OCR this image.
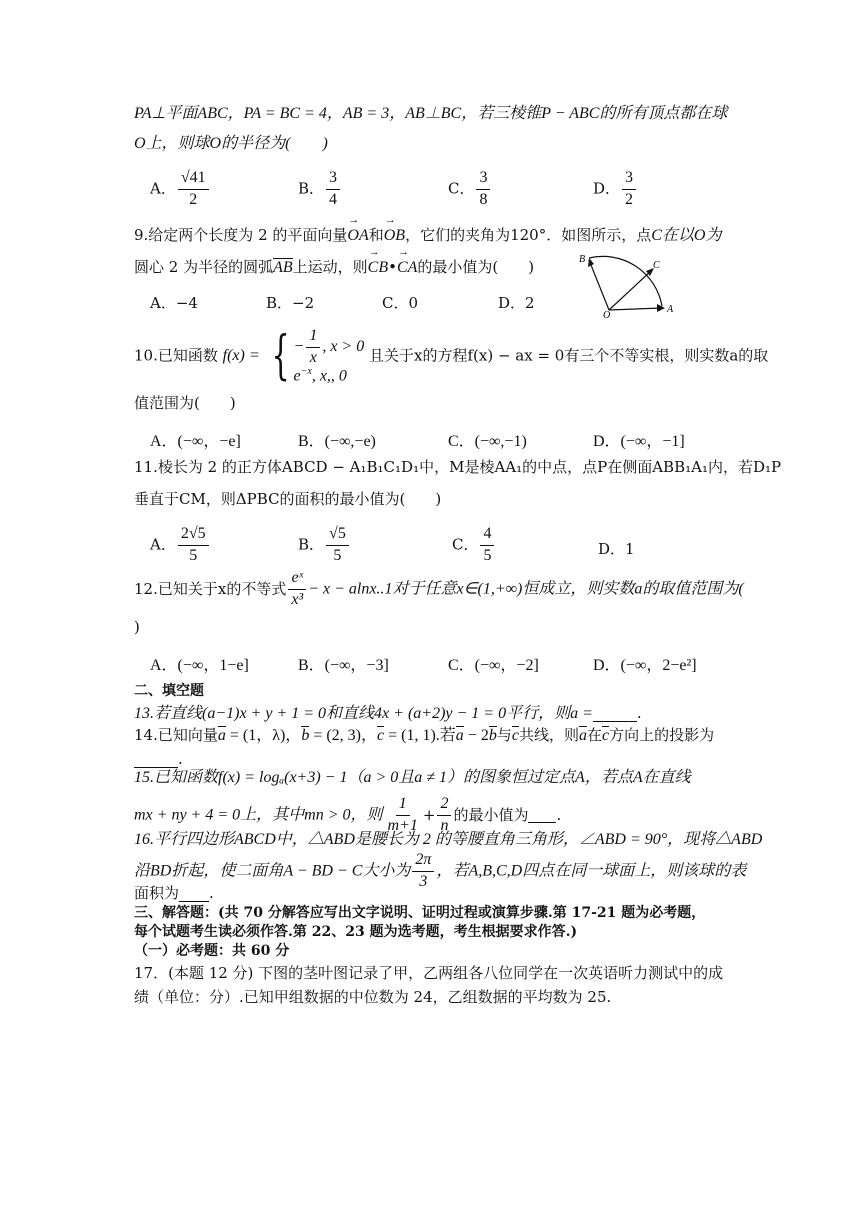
PA⊥平面ABC，PA = BC = 4，AB = 3，AB⊥BC，若三棱锥P − ABC的所有顶点都在球
O上，则球O的半径为(　　)
A． $\frac{√41}{2}$	B． $\frac{3}{4}$	C． $\frac{3}{8}$	D． $\frac{3}{2}$
9.给定两个长度为 2 的平面向量OA →和OB →，它们的夹角为120°．如图所示，点C在以O为
圆心 2 为半径的圆弧AB上运动，则CB →•CA →的最小值为(　　)
A．−4	B．−2	C．0	D．2
B
C
O
A
10.已知函数 f(x) = { − $\frac{1}{x}$ , x > 0
$e^{-x}$, x,, 0
且关于x的方程f(x) − ax = 0有三个不等实根，则实数a的取
值范围为(　　)
A．(−∞，−e]	B．(−∞,−e)	C．(−∞,−1)	D．(−∞，−1]
11.棱长为 2 的正方体ABCD − A₁B₁C₁D₁中，M是棱AA₁的中点，点P在侧面ABB₁A₁内，若D₁P
垂直于CM，则ΔPBC的面积的最小值为(　　)
A． $\frac{2√5}{5}$	B． $\frac{√5}{5}$	C． $\frac{4}{5}$	D．1
12.已知关于x的不等式 $\frac{\text{eˣ}}{\text{x³}} - x - alnx..1$对于任意x∈(1,+∞)恒成立，则实数a的取值范围为(
)
A．(−∞，1−e]	B．(−∞，−3]	C．(−∞，−2]	D．(−∞，2−e²]
二、填空题
13.若直线(a−1)x + y + 1 = 0和直线4x + (a+2)y − 1 = 0平行，则a =	.
14.已知向量a = (1，λ)，b = (2, 3)，c = (1, 1).若a − 2b与c共线，则a在c方向上的投影为
.
15.已知函数f(x) = logₐ(x+3) − 1（a > 0且a ≠ 1）的图象恒过定点A，若点A在直线
mx + ny + 4 = 0上，其中mn > 0，则 $\frac{1}{m+1} + \frac{2}{n}$ 的最小值为 .
16.平行四边形ABCD中，△ABD是腰长为 2 的等腰直角三角形，∠ABD = 90°，现将△ABD
沿BD折起，使二面角A − BD − C大小为 $\frac{2\pi}{3}$ ，若A,B,C,D四点在同一球面上，则该球的表
面积为 .
三、解答题：(共 70 分解答应写出文字说明、证明过程或演算步骤.第 17-21 题为必考题，
每个试题考生读必须作答.第 22、23 题为选考题，考生根据要求作答.)
（一）必考题：共 60 分
17．(本题 12 分) 下图的茎叶图记录了甲，乙两组各八位同学在一次英语听力测试中的成
绩（单位：分）.已知甲组数据的中位数为 24，乙组数据的平均数为 25.
